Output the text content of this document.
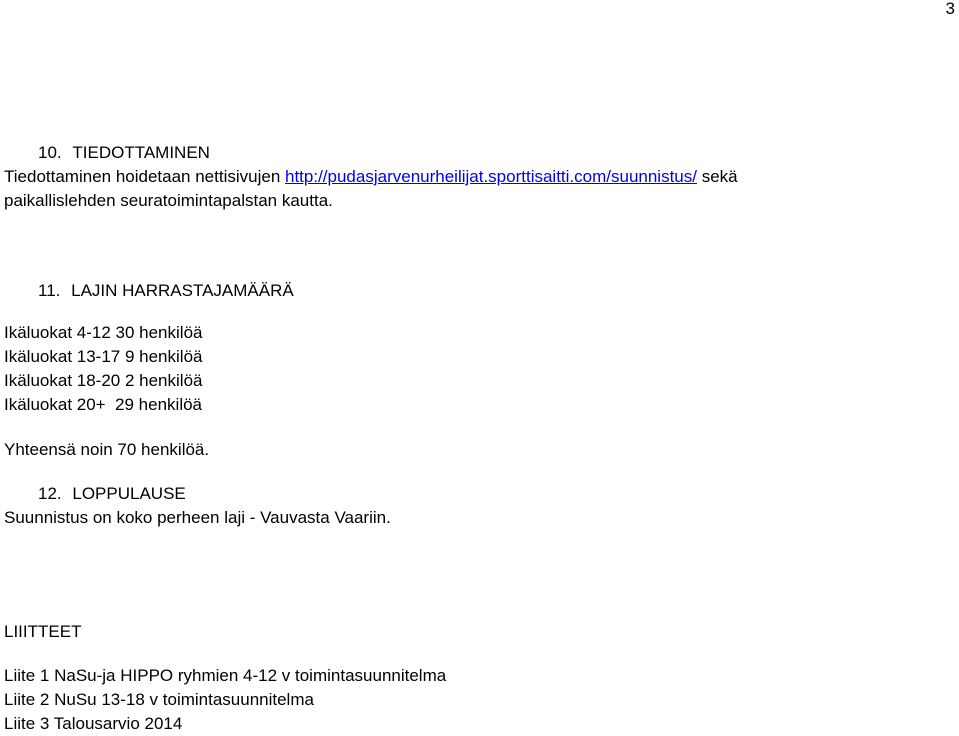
3
10. TIEDOTTAMINEN
Tiedottaminen hoidetaan nettisivujen http://pudasjarvenurheilijat.sporttisaitti.com/suunnistus/ sekä
paikallislehden seuratoimintapalstan kautta.
11. LAJIN HARRASTAJAMÄÄRÄ
Ikäluokat 4-12 30 henkilöä
Ikäluokat 13-17 9 henkilöä
Ikäluokat 18-20 2 henkilöä
Ikäluokat 20+  29 henkilöä
Yhteensä noin 70 henkilöä.
12. LOPPULAUSE
Suunnistus on koko perheen laji - Vauvasta Vaariin.
LIIITTEET
Liite 1 NaSu-ja HIPPO ryhmien 4-12 v toimintasuunnitelma
Liite 2 NuSu 13-18 v toimintasuunnitelma
Liite 3 Talousarvio 2014
